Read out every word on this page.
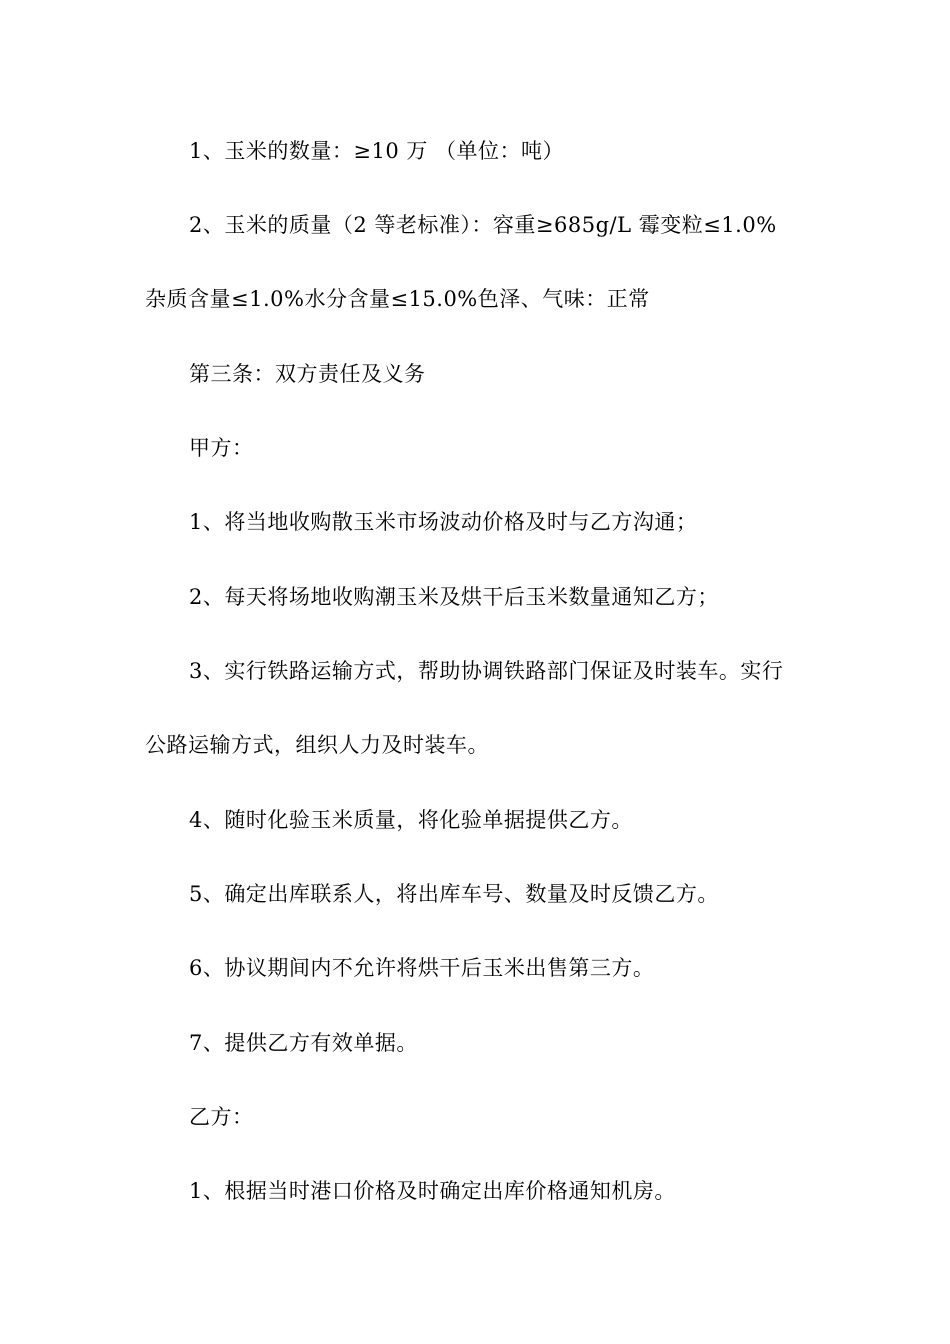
1、玉米的数量：≥10 万 （单位：吨）
2、玉米的质量（2 等老标准）：容重≥685g/L 霉变粒≤1.0%
杂质含量≤1.0%水分含量≤15.0%色泽、气味：正常
第三条：双方责任及义务
甲方：
1、将当地收购散玉米市场波动价格及时与乙方沟通；
2、每天将场地收购潮玉米及烘干后玉米数量通知乙方；
3、实行铁路运输方式，帮助协调铁路部门保证及时装车。实行
公路运输方式，组织人力及时装车。
4、随时化验玉米质量，将化验单据提供乙方。
5、确定出库联系人，将出库车号、数量及时反馈乙方。
6、协议期间内不允许将烘干后玉米出售第三方。
7、提供乙方有效单据。
乙方：
1、根据当时港口价格及时确定出库价格通知机房。
